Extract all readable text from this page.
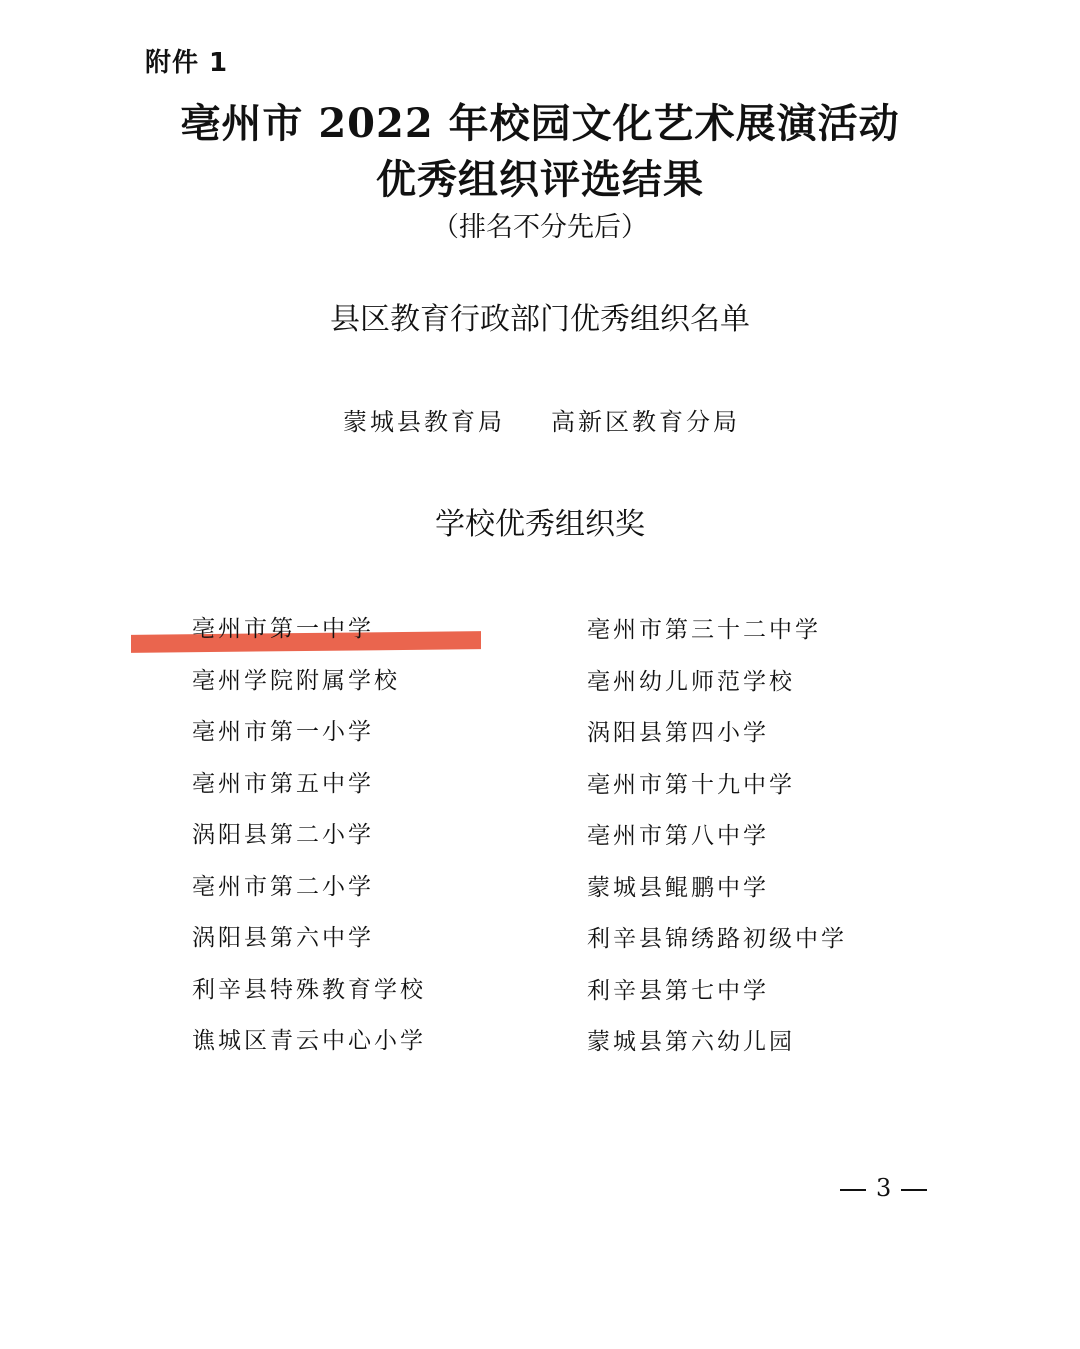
附件 1
亳州市 2022 年校园文化艺术展演活动
优秀组织评选结果
（排名不分先后）
县区教育行政部门优秀组织名单
蒙城县教育局 高新区教育分局
学校优秀组织奖
亳州市第一中学
亳州学院附属学校
亳州市第一小学
亳州市第五中学
涡阳县第二小学
亳州市第二小学
涡阳县第六中学
利辛县特殊教育学校
谯城区青云中心小学
亳州市第三十二中学
亳州幼儿师范学校
涡阳县第四小学
亳州市第十九中学
亳州市第八中学
蒙城县鲲鹏中学
利辛县锦绣路初级中学
利辛县第七中学
蒙城县第六幼儿园
3
